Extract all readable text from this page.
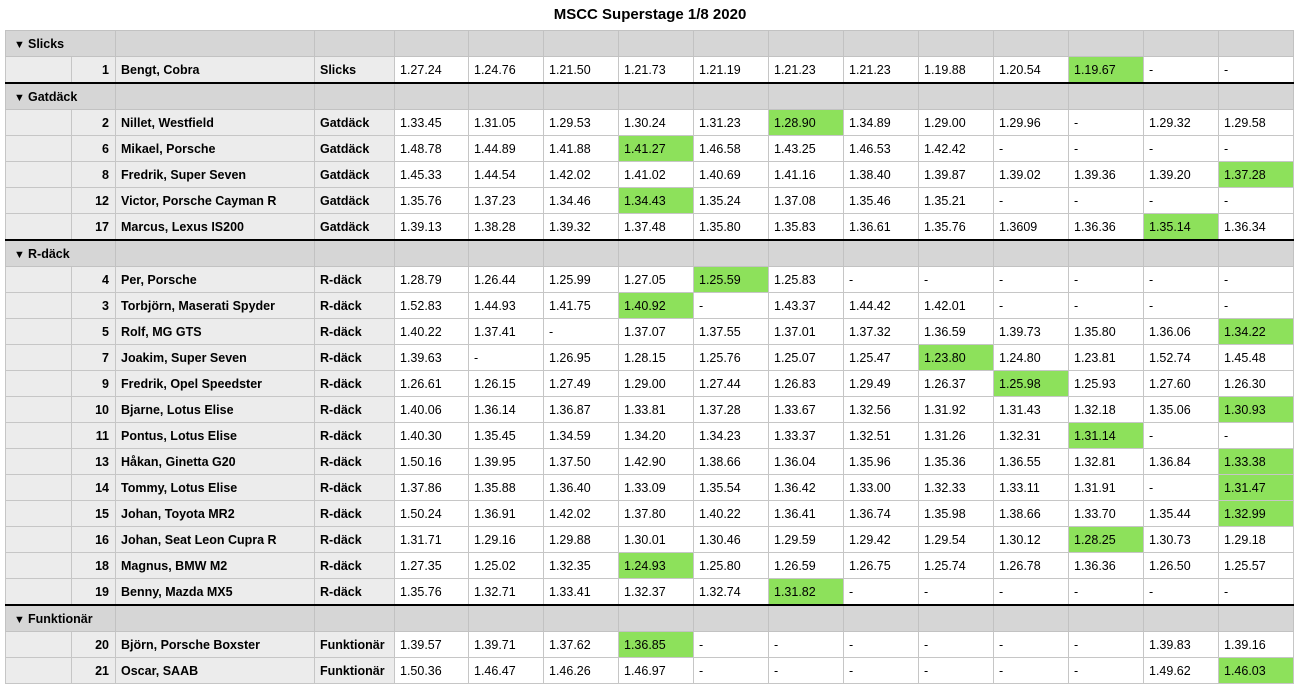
MSCC Superstage 1/8 2020
▼ Slicks															
	1	Bengt, Cobra	Slicks	1.27.24	1.24.76	1.21.50	1.21.73	1.21.19	1.21.23	1.21.23	1.19.88	1.20.54	1.19.67	-	-
▼ Gatdäck															
	2	Nillet, Westfield	Gatdäck	1.33.45	1.31.05	1.29.53	1.30.24	1.31.23	1.28.90	1.34.89	1.29.00	1.29.96	-	1.29.32	1.29.58
	6	Mikael, Porsche	Gatdäck	1.48.78	1.44.89	1.41.88	1.41.27	1.46.58	1.43.25	1.46.53	1.42.42	-	-	-	-
	8	Fredrik, Super Seven	Gatdäck	1.45.33	1.44.54	1.42.02	1.41.02	1.40.69	1.41.16	1.38.40	1.39.87	1.39.02	1.39.36	1.39.20	1.37.28
	12	Victor, Porsche Cayman R	Gatdäck	1.35.76	1.37.23	1.34.46	1.34.43	1.35.24	1.37.08	1.35.46	1.35.21	-	-	-	-
	17	Marcus, Lexus IS200	Gatdäck	1.39.13	1.38.28	1.39.32	1.37.48	1.35.80	1.35.83	1.36.61	1.35.76	1.3609	1.36.36	1.35.14	1.36.34
▼ R-däck															
	4	Per, Porsche	R-däck	1.28.79	1.26.44	1.25.99	1.27.05	1.25.59	1.25.83	-	-	-	-	-	-
	3	Torbjörn, Maserati Spyder	R-däck	1.52.83	1.44.93	1.41.75	1.40.92	-	1.43.37	1.44.42	1.42.01	-	-	-	-
	5	Rolf, MG GTS	R-däck	1.40.22	1.37.41	-	1.37.07	1.37.55	1.37.01	1.37.32	1.36.59	1.39.73	1.35.80	1.36.06	1.34.22
	7	Joakim, Super Seven	R-däck	1.39.63	-	1.26.95	1.28.15	1.25.76	1.25.07	1.25.47	1.23.80	1.24.80	1.23.81	1.52.74	1.45.48
	9	Fredrik, Opel Speedster	R-däck	1.26.61	1.26.15	1.27.49	1.29.00	1.27.44	1.26.83	1.29.49	1.26.37	1.25.98	1.25.93	1.27.60	1.26.30
	10	Bjarne, Lotus Elise	R-däck	1.40.06	1.36.14	1.36.87	1.33.81	1.37.28	1.33.67	1.32.56	1.31.92	1.31.43	1.32.18	1.35.06	1.30.93
	11	Pontus, Lotus Elise	R-däck	1.40.30	1.35.45	1.34.59	1.34.20	1.34.23	1.33.37	1.32.51	1.31.26	1.32.31	1.31.14	-	-
	13	Håkan, Ginetta G20	R-däck	1.50.16	1.39.95	1.37.50	1.42.90	1.38.66	1.36.04	1.35.96	1.35.36	1.36.55	1.32.81	1.36.84	1.33.38
	14	Tommy, Lotus Elise	R-däck	1.37.86	1.35.88	1.36.40	1.33.09	1.35.54	1.36.42	1.33.00	1.32.33	1.33.11	1.31.91	-	1.31.47
	15	Johan, Toyota MR2	R-däck	1.50.24	1.36.91	1.42.02	1.37.80	1.40.22	1.36.41	1.36.74	1.35.98	1.38.66	1.33.70	1.35.44	1.32.99
	16	Johan, Seat Leon Cupra R	R-däck	1.31.71	1.29.16	1.29.88	1.30.01	1.30.46	1.29.59	1.29.42	1.29.54	1.30.12	1.28.25	1.30.73	1.29.18
	18	Magnus, BMW M2	R-däck	1.27.35	1.25.02	1.32.35	1.24.93	1.25.80	1.26.59	1.26.75	1.25.74	1.26.78	1.36.36	1.26.50	1.25.57
	19	Benny, Mazda MX5	R-däck	1.35.76	1.32.71	1.33.41	1.32.37	1.32.74	1.31.82	-	-	-	-	-	-
▼ Funktionär															
	20	Björn, Porsche Boxster	Funktionär	1.39.57	1.39.71	1.37.62	1.36.85	-	-	-	-	-	-	1.39.83	1.39.16
	21	Oscar, SAAB	Funktionär	1.50.36	1.46.47	1.46.26	1.46.97	-	-	-	-	-	-	1.49.62	1.46.03
